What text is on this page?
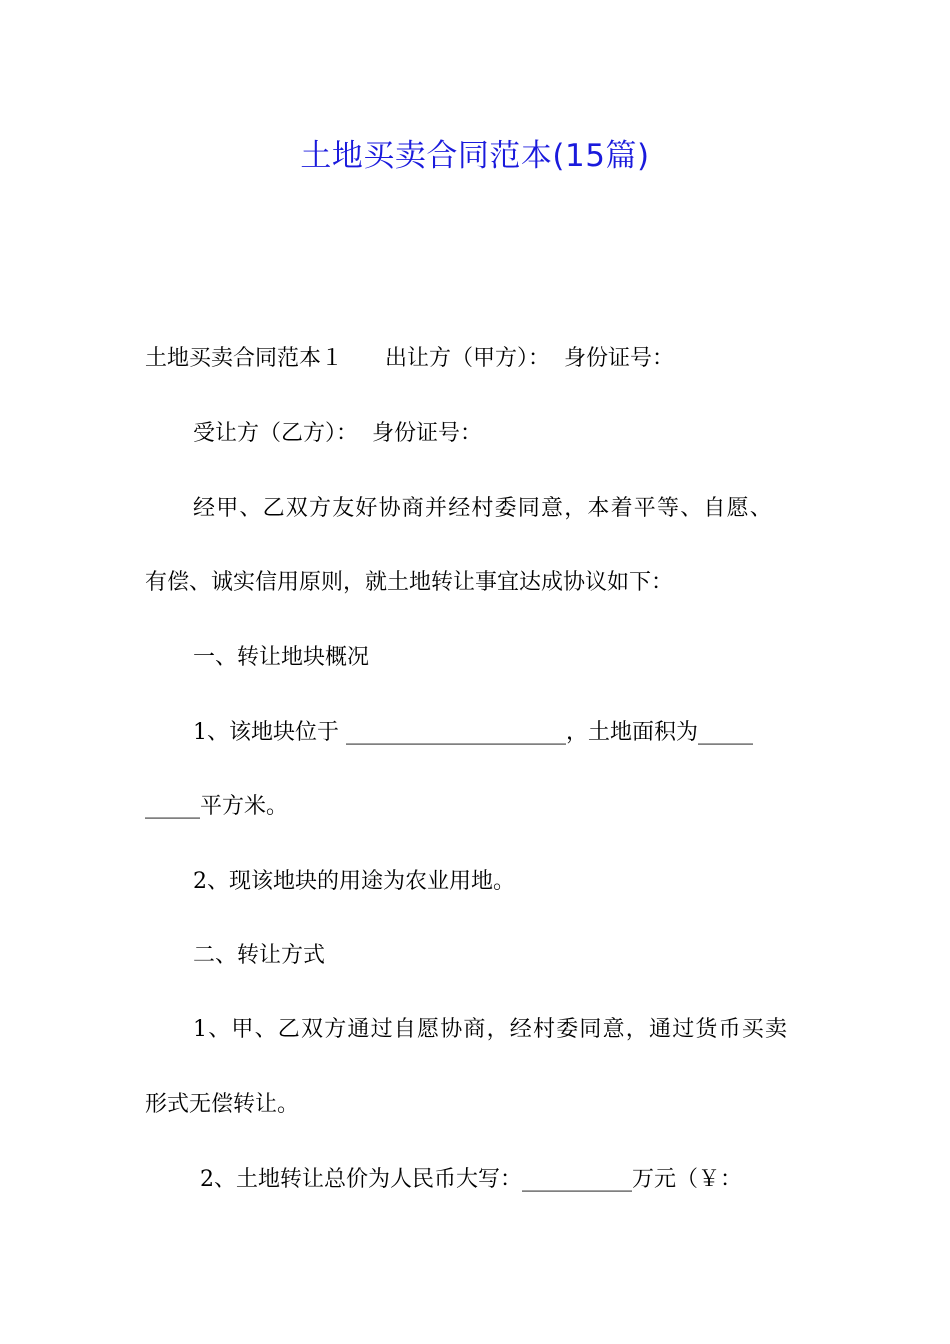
土地买卖合同范本(15篇)
土地买卖合同范本１      出让方（甲方）：  身份证号：
受让方（乙方）：  身份证号：
经甲、乙双方友好协商并经村委同意，本着平等、自愿、
有偿、诚实信用原则，就土地转让事宜达成协议如下：
一、转让地块概况
1、该地块位于 ____________________，土地面积为_____
_____平方米。
2、现该地块的用途为农业用地。
二、转让方式
1、甲、乙双方通过自愿协商，经村委同意，通过货币买卖
形式无偿转让。
2、土地转让总价为人民币大写：__________万元（￥：
